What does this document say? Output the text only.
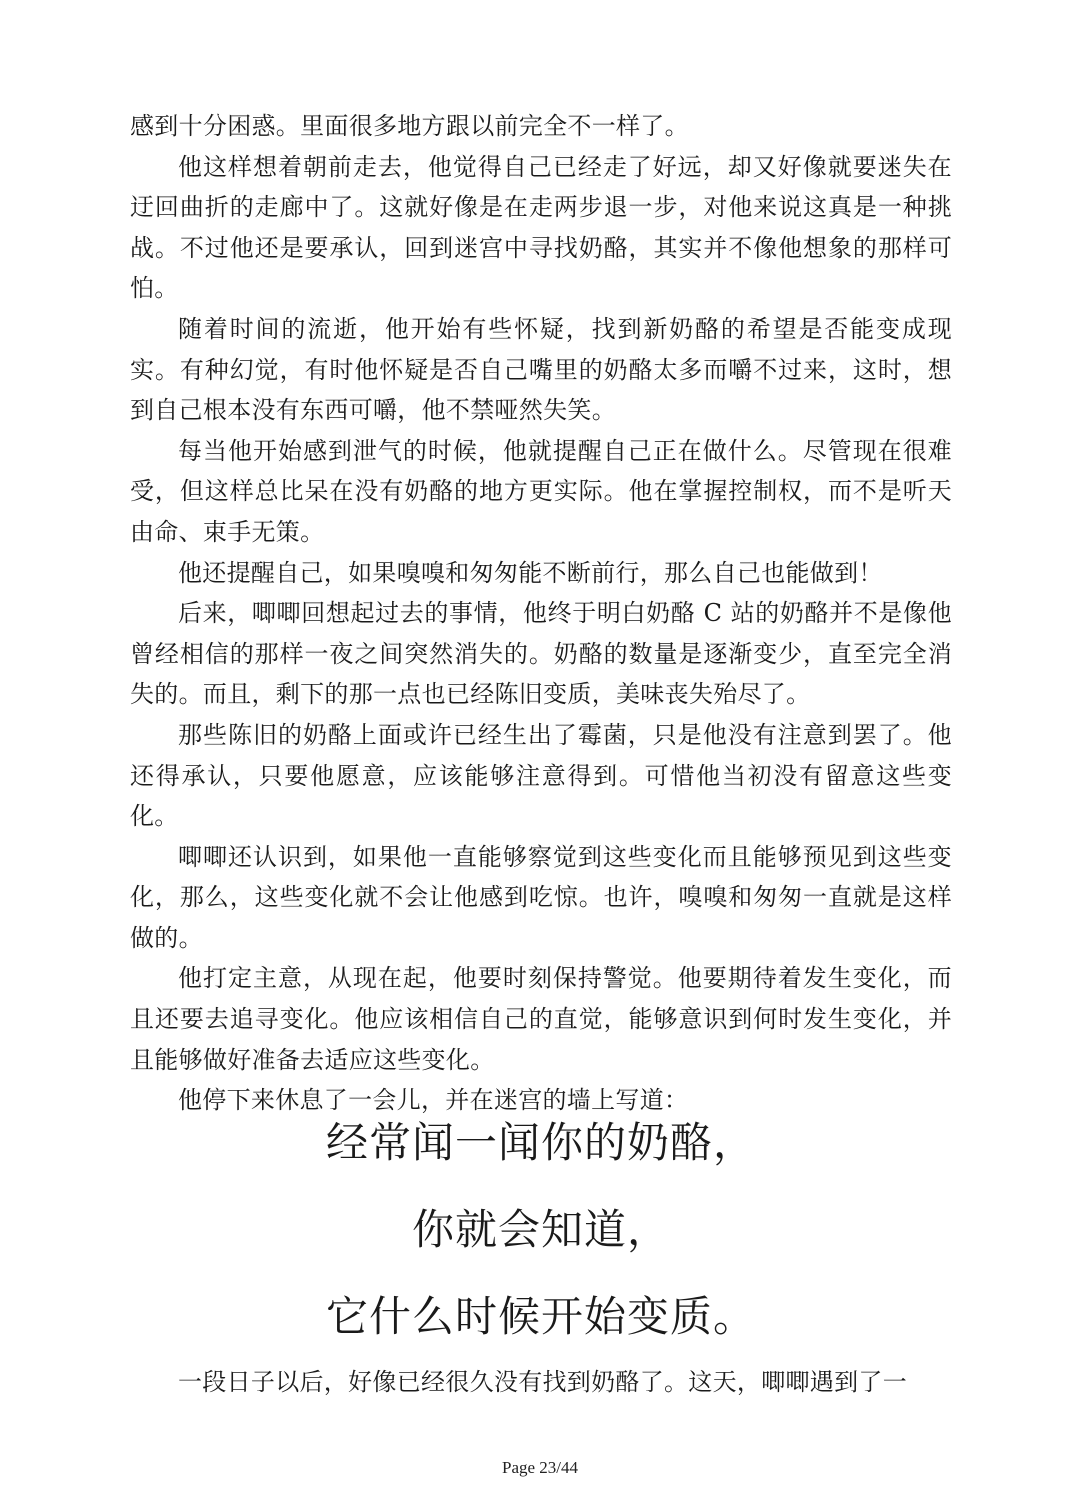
感到十分困惑。里面很多地方跟以前完全不一样了。

他这样想着朝前走去，他觉得自己已经走了好远，却又好像就要迷失在迂回曲折的走廊中了。这就好像是在走两步退一步，对他来说这真是一种挑战。不过他还是要承认，回到迷宫中寻找奶酪，其实并不像他想象的那样可怕。

随着时间的流逝，他开始有些怀疑，找到新奶酪的希望是否能变成现实。有种幻觉，有时他怀疑是否自己嘴里的奶酪太多而嚼不过来，这时，想到自己根本没有东西可嚼，他不禁哑然失笑。

每当他开始感到泄气的时候，他就提醒自己正在做什么。尽管现在很难受，但这样总比呆在没有奶酪的地方更实际。他在掌握控制权，而不是听天由命、束手无策。

他还提醒自己，如果嗅嗅和匆匆能不断前行，那么自己也能做到！

后来，唧唧回想起过去的事情，他终于明白奶酪 C 站的奶酪并不是像他曾经相信的那样一夜之间突然消失的。奶酪的数量是逐渐变少，直至完全消失的。而且，剩下的那一点也已经陈旧变质，美味丧失殆尽了。

那些陈旧的奶酪上面或许已经生出了霉菌，只是他没有注意到罢了。他还得承认，只要他愿意，应该能够注意得到。可惜他当初没有留意这些变化。

唧唧还认识到，如果他一直能够察觉到这些变化而且能够预见到这些变化，那么，这些变化就不会让他感到吃惊。也许，嗅嗅和匆匆一直就是这样做的。

他打定主意，从现在起，他要时刻保持警觉。他要期待着发生变化，而且还要去追寻变化。他应该相信自己的直觉，能够意识到何时发生变化，并且能够做好准备去适应这些变化。

他停下来休息了一会儿，并在迷宫的墙上写道：

经常闻一闻你的奶酪，
你就会知道，
它什么时候开始变质。

一段日子以后，好像已经很久没有找到奶酪了。这天，唧唧遇到了一

Page 23/44
